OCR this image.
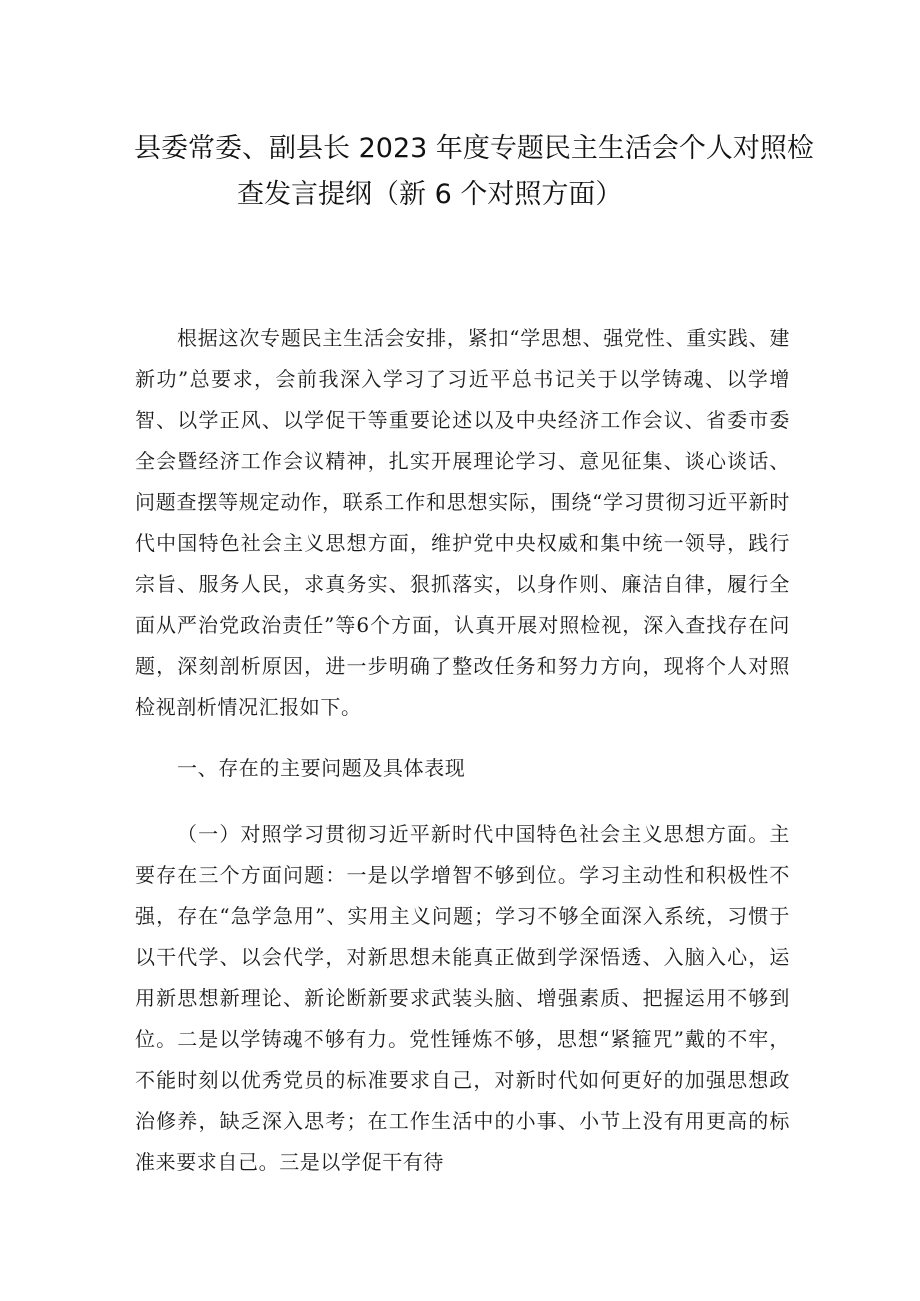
县委常委、副县长 2023 年度专题民主生活会个人对照检
查发言提纲（新 6 个对照方面）

根据这次专题民主生活会安排，紧扣“学思想、强党性、重实践、建新功”总要求，会前我深入学习了习近平总书记关于以学铸魂、以学增智、以学正风、以学促干等重要论述以及中央经济工作会议、省委市委全会暨经济工作会议精神，扎实开展理论学习、意见征集、谈心谈话、问题查摆等规定动作，联系工作和思想实际，围绕“学习贯彻习近平新时代中国特色社会主义思想方面，维护党中央权威和集中统一领导，践行宗旨、服务人民，求真务实、狠抓落实，以身作则、廉洁自律，履行全面从严治党政治责任”等6个方面，认真开展对照检视，深入查找存在问题，深刻剖析原因，进一步明确了整改任务和努力方向，现将个人对照检视剖析情况汇报如下。

一、存在的主要问题及具体表现

（一）对照学习贯彻习近平新时代中国特色社会主义思想方面。主要存在三个方面问题：一是以学增智不够到位。学习主动性和积极性不强，存在“急学急用”、实用主义问题；学习不够全面深入系统，习惯于以干代学、以会代学，对新思想未能真正做到学深悟透、入脑入心，运用新思想新理论、新论断新要求武装头脑、增强素质、把握运用不够到位。二是以学铸魂不够有力。党性锤炼不够，思想“紧箍咒”戴的不牢，不能时刻以优秀党员的标准要求自己，对新时代如何更好的加强思想政治修养，缺乏深入思考；在工作生活中的小事、小节上没有用更高的标准来要求自己。三是以学促干有待
